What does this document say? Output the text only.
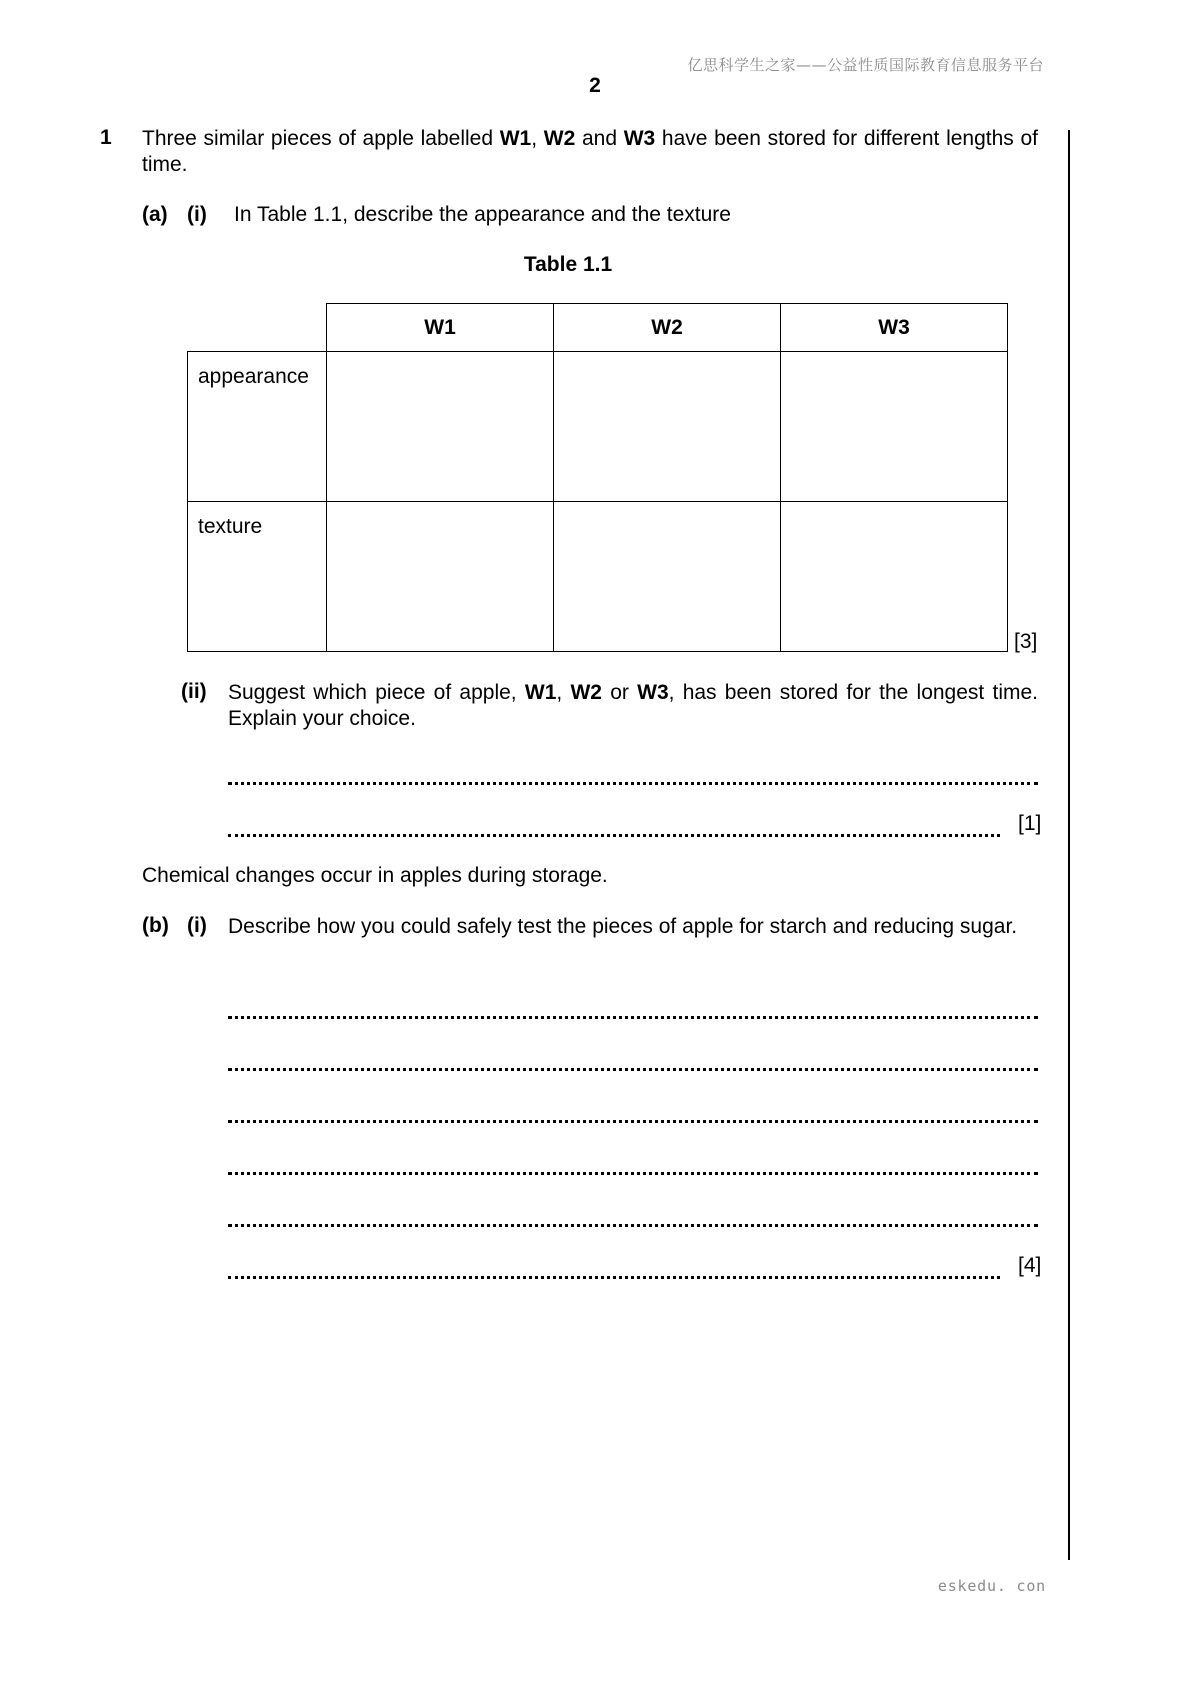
亿思科学生之家——公益性质国际教育信息服务平台
2
1 Three similar pieces of apple labelled W1, W2 and W3 have been stored for different lengths of time.
(a) (i) In Table 1.1, describe the appearance and the texture
Table 1.1
	W1	W2	W3
appearance			
texture			
[3]
(ii) Suggest which piece of apple, W1, W2 or W3, has been stored for the longest time. Explain your choice.
[1]
Chemical changes occur in apples during storage.
(b) (i) Describe how you could safely test the pieces of apple for starch and reducing sugar.
[4]
eskedu. con
